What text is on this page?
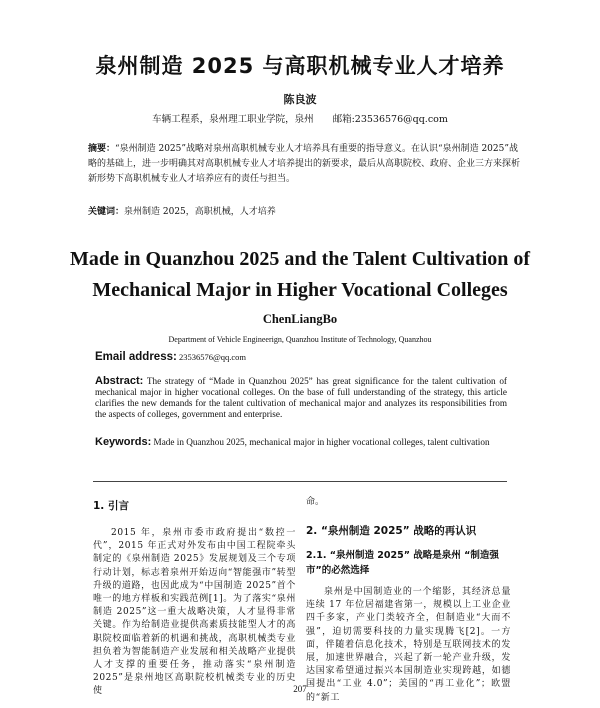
泉州制造 2025 与高职机械专业人才培养
陈良波
车辆工程系，泉州理工职业学院，泉州　　邮箱:23536576@qq.com
摘要：“泉州制造 2025”战略对泉州高职机械专业人才培养具有重要的指导意义。在认识“泉州制造 2025”战略的基础上，进一步明确其对高职机械专业人才培养提出的新要求，最后从高职院校、政府、企业三方来探析新形势下高职机械专业人才培养应有的责任与担当。
关键词：泉州制造 2025，高职机械，人才培养
Made in Quanzhou 2025 and the Talent Cultivation of
Mechanical Major in Higher Vocational Colleges
ChenLiangBo
Department of Vehicle Engineerign, Quanzhou Institute of Technology, Quanzhou
Email address: 23536576@qq.com
Abstract: The strategy of “Made in Quanzhou 2025” has great significance for the talent cultivation of mechanical major in higher vocational colleges. On the base of full understanding of the strategy, this article clarifies the new demands for the talent cultivation of mechanical major and analyzes its responsibilities from the aspects of colleges, government and enterprise.
Keywords: Made in Quanzhou 2025, mechanical major in higher vocational colleges, talent cultivation

1. 引言

2015 年，泉州市委市政府提出“数控一代”，2015 年正式对外发布由中国工程院牵头制定的《泉州制造 2025》发展规划及三个专项行动计划，标志着泉州开始迈向“智能强市”转型升级的道路，也因此成为“中国制造 2025”首个唯一的地方样板和实践范例[1]。为了落实“泉州制造 2025”这一重大战略决策，人才显得非常关键。作为给制造业提供高素质技能型人才的高职院校面临着新的机遇和挑战，高职机械类专业担负着为智能制造产业发展和相关战略产业提供人才支撑的重要任务，推动落实“泉州制造 2025”是泉州地区高职院校机械类专业的历史使

命。

2. “泉州制造 2025” 战略的再认识

2.1. “泉州制造 2025” 战略是泉州 “制造强市”的必然选择

泉州是中国制造业的一个缩影，其经济总量连续 17 年位居福建省第一，规模以上工业企业四千多家，产业门类较齐全，但制造业“大而不强”，迫切需要科技的力量实现腾飞[2]。一方面，伴随着信息化技术，特别是互联网技术的发展，加速世界融合，兴起了新一轮产业升级，发达国家希望通过振兴本国制造业实现跨越，如德国提出“工业 4.0”；美国的“再工业化”；欧盟的“新工

207
